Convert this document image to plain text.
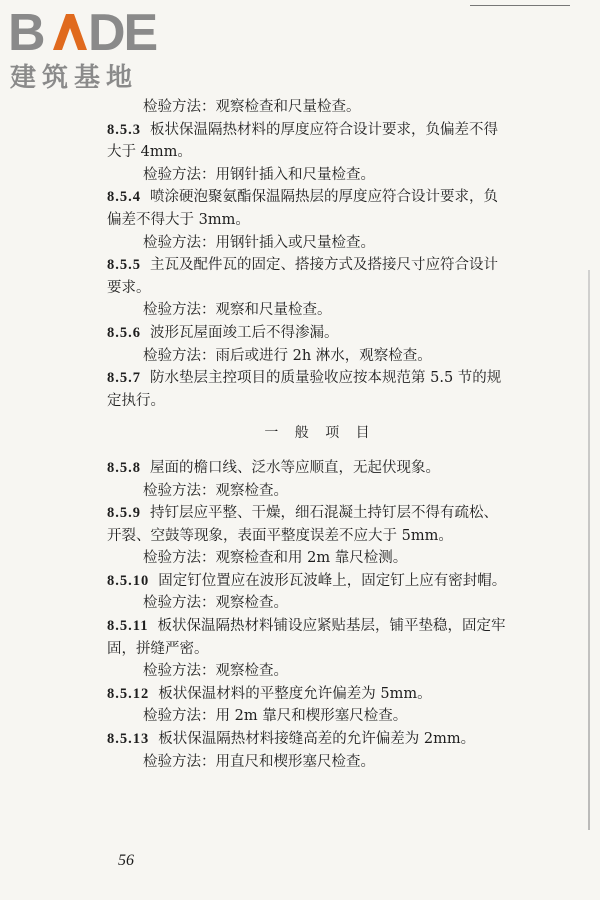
B DE
建筑基地
检验方法：观察检查和尺量检查。
8.5.3 板状保温隔热材料的厚度应符合设计要求，负偏差不得
大于 4mm。
检验方法：用钢针插入和尺量检查。
8.5.4 喷涂硬泡聚氨酯保温隔热层的厚度应符合设计要求，负
偏差不得大于 3mm。
检验方法：用钢针插入或尺量检查。
8.5.5 主瓦及配件瓦的固定、搭接方式及搭接尺寸应符合设计
要求。
检验方法：观察和尺量检查。
8.5.6 波形瓦屋面竣工后不得渗漏。
检验方法：雨后或进行 2h 淋水，观察检查。
8.5.7 防水垫层主控项目的质量验收应按本规范第 5.5 节的规
定执行。
一 般 项 目
8.5.8 屋面的檐口线、泛水等应顺直，无起伏现象。
检验方法：观察检查。
8.5.9 持钉层应平整、干燥，细石混凝土持钉层不得有疏松、
开裂、空鼓等现象，表面平整度误差不应大于 5mm。
检验方法：观察检查和用 2m 靠尺检测。
8.5.10 固定钉位置应在波形瓦波峰上，固定钉上应有密封帽。
检验方法：观察检查。
8.5.11 板状保温隔热材料铺设应紧贴基层，铺平垫稳，固定牢
固，拼缝严密。
检验方法：观察检查。
8.5.12 板状保温材料的平整度允许偏差为 5mm。
检验方法：用 2m 靠尺和楔形塞尺检查。
8.5.13 板状保温隔热材料接缝高差的允许偏差为 2mm。
检验方法：用直尺和楔形塞尺检查。
56
